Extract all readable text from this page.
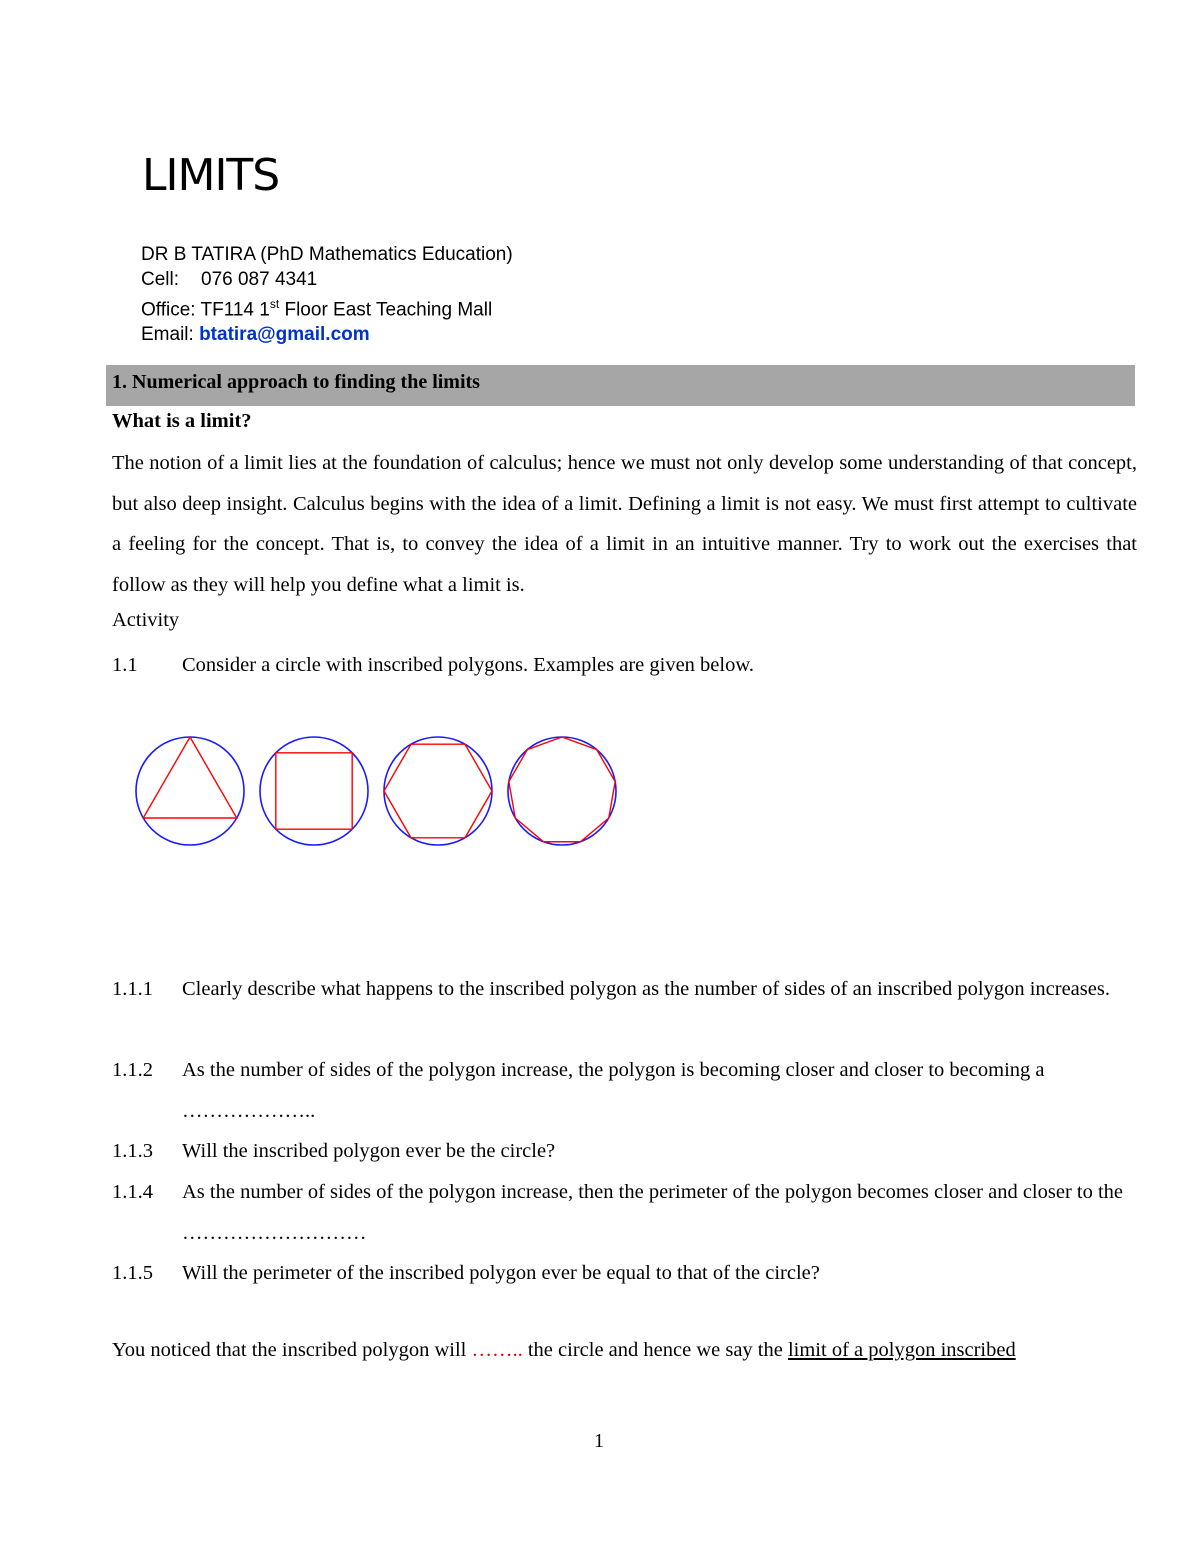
LIMITS
DR B TATIRA (PhD Mathematics Education)
Cell: 076 087 4341
Office: TF114 1st Floor East Teaching Mall
Email: btatira@gmail.com
1. Numerical approach to finding the limits
What is a limit?
The notion of a limit lies at the foundation of calculus; hence we must not only develop some understanding of that concept, but also deep insight. Calculus begins with the idea of a limit. Defining a limit is not easy. We must first attempt to cultivate a feeling for the concept. That is, to convey the idea of a limit in an intuitive manner. Try to work out the exercises that follow as they will help you define what a limit is.
Activity
1.1 Consider a circle with inscribed polygons. Examples are given below.
1.1.1 Clearly describe what happens to the inscribed polygon as the number of sides of an inscribed polygon increases.
1.1.2 As the number of sides of the polygon increase, the polygon is becoming closer and closer to becoming a ………………..
1.1.3 Will the inscribed polygon ever be the circle?
1.1.4 As the number of sides of the polygon increase, then the perimeter of the polygon becomes closer and closer to the ………………………
1.1.5 Will the perimeter of the inscribed polygon ever be equal to that of the circle?
You noticed that the inscribed polygon will …….. the circle and hence we say the limit of a polygon inscribed
1
